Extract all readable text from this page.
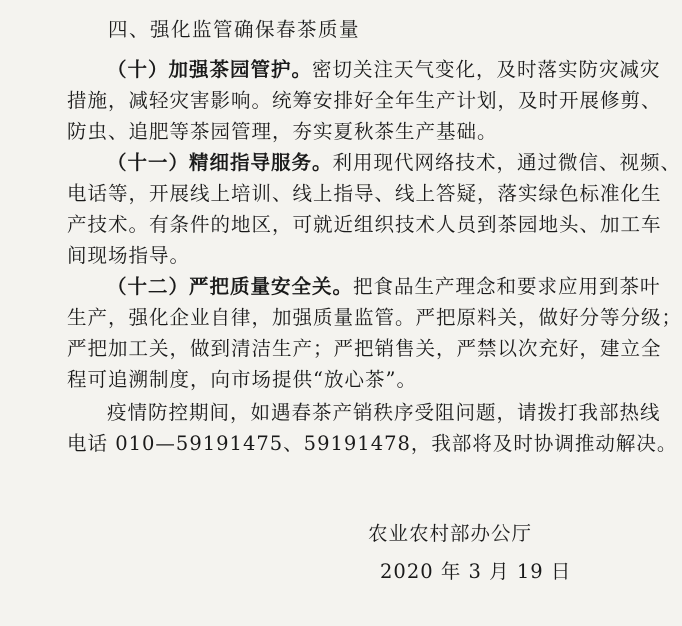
四、强化监管确保春茶质量
（十）加强茶园管护。密切关注天气变化，及时落实防灾减灾
措施，减轻灾害影响。统筹安排好全年生产计划，及时开展修剪、
防虫、追肥等茶园管理，夯实夏秋茶生产基础。
（十一）精细指导服务。利用现代网络技术，通过微信、视频、
电话等，开展线上培训、线上指导、线上答疑，落实绿色标准化生
产技术。有条件的地区，可就近组织技术人员到茶园地头、加工车
间现场指导。
（十二）严把质量安全关。把食品生产理念和要求应用到茶叶
生产，强化企业自律，加强质量监管。严把原料关，做好分等分级；
严把加工关，做到清洁生产；严把销售关，严禁以次充好，建立全
程可追溯制度，向市场提供“放心茶”。
疫情防控期间，如遇春茶产销秩序受阻问题，请拨打我部热线
电话 010—59191475、59191478，我部将及时协调推动解决。
农业农村部办公厅
2020 年 3 月 19 日
